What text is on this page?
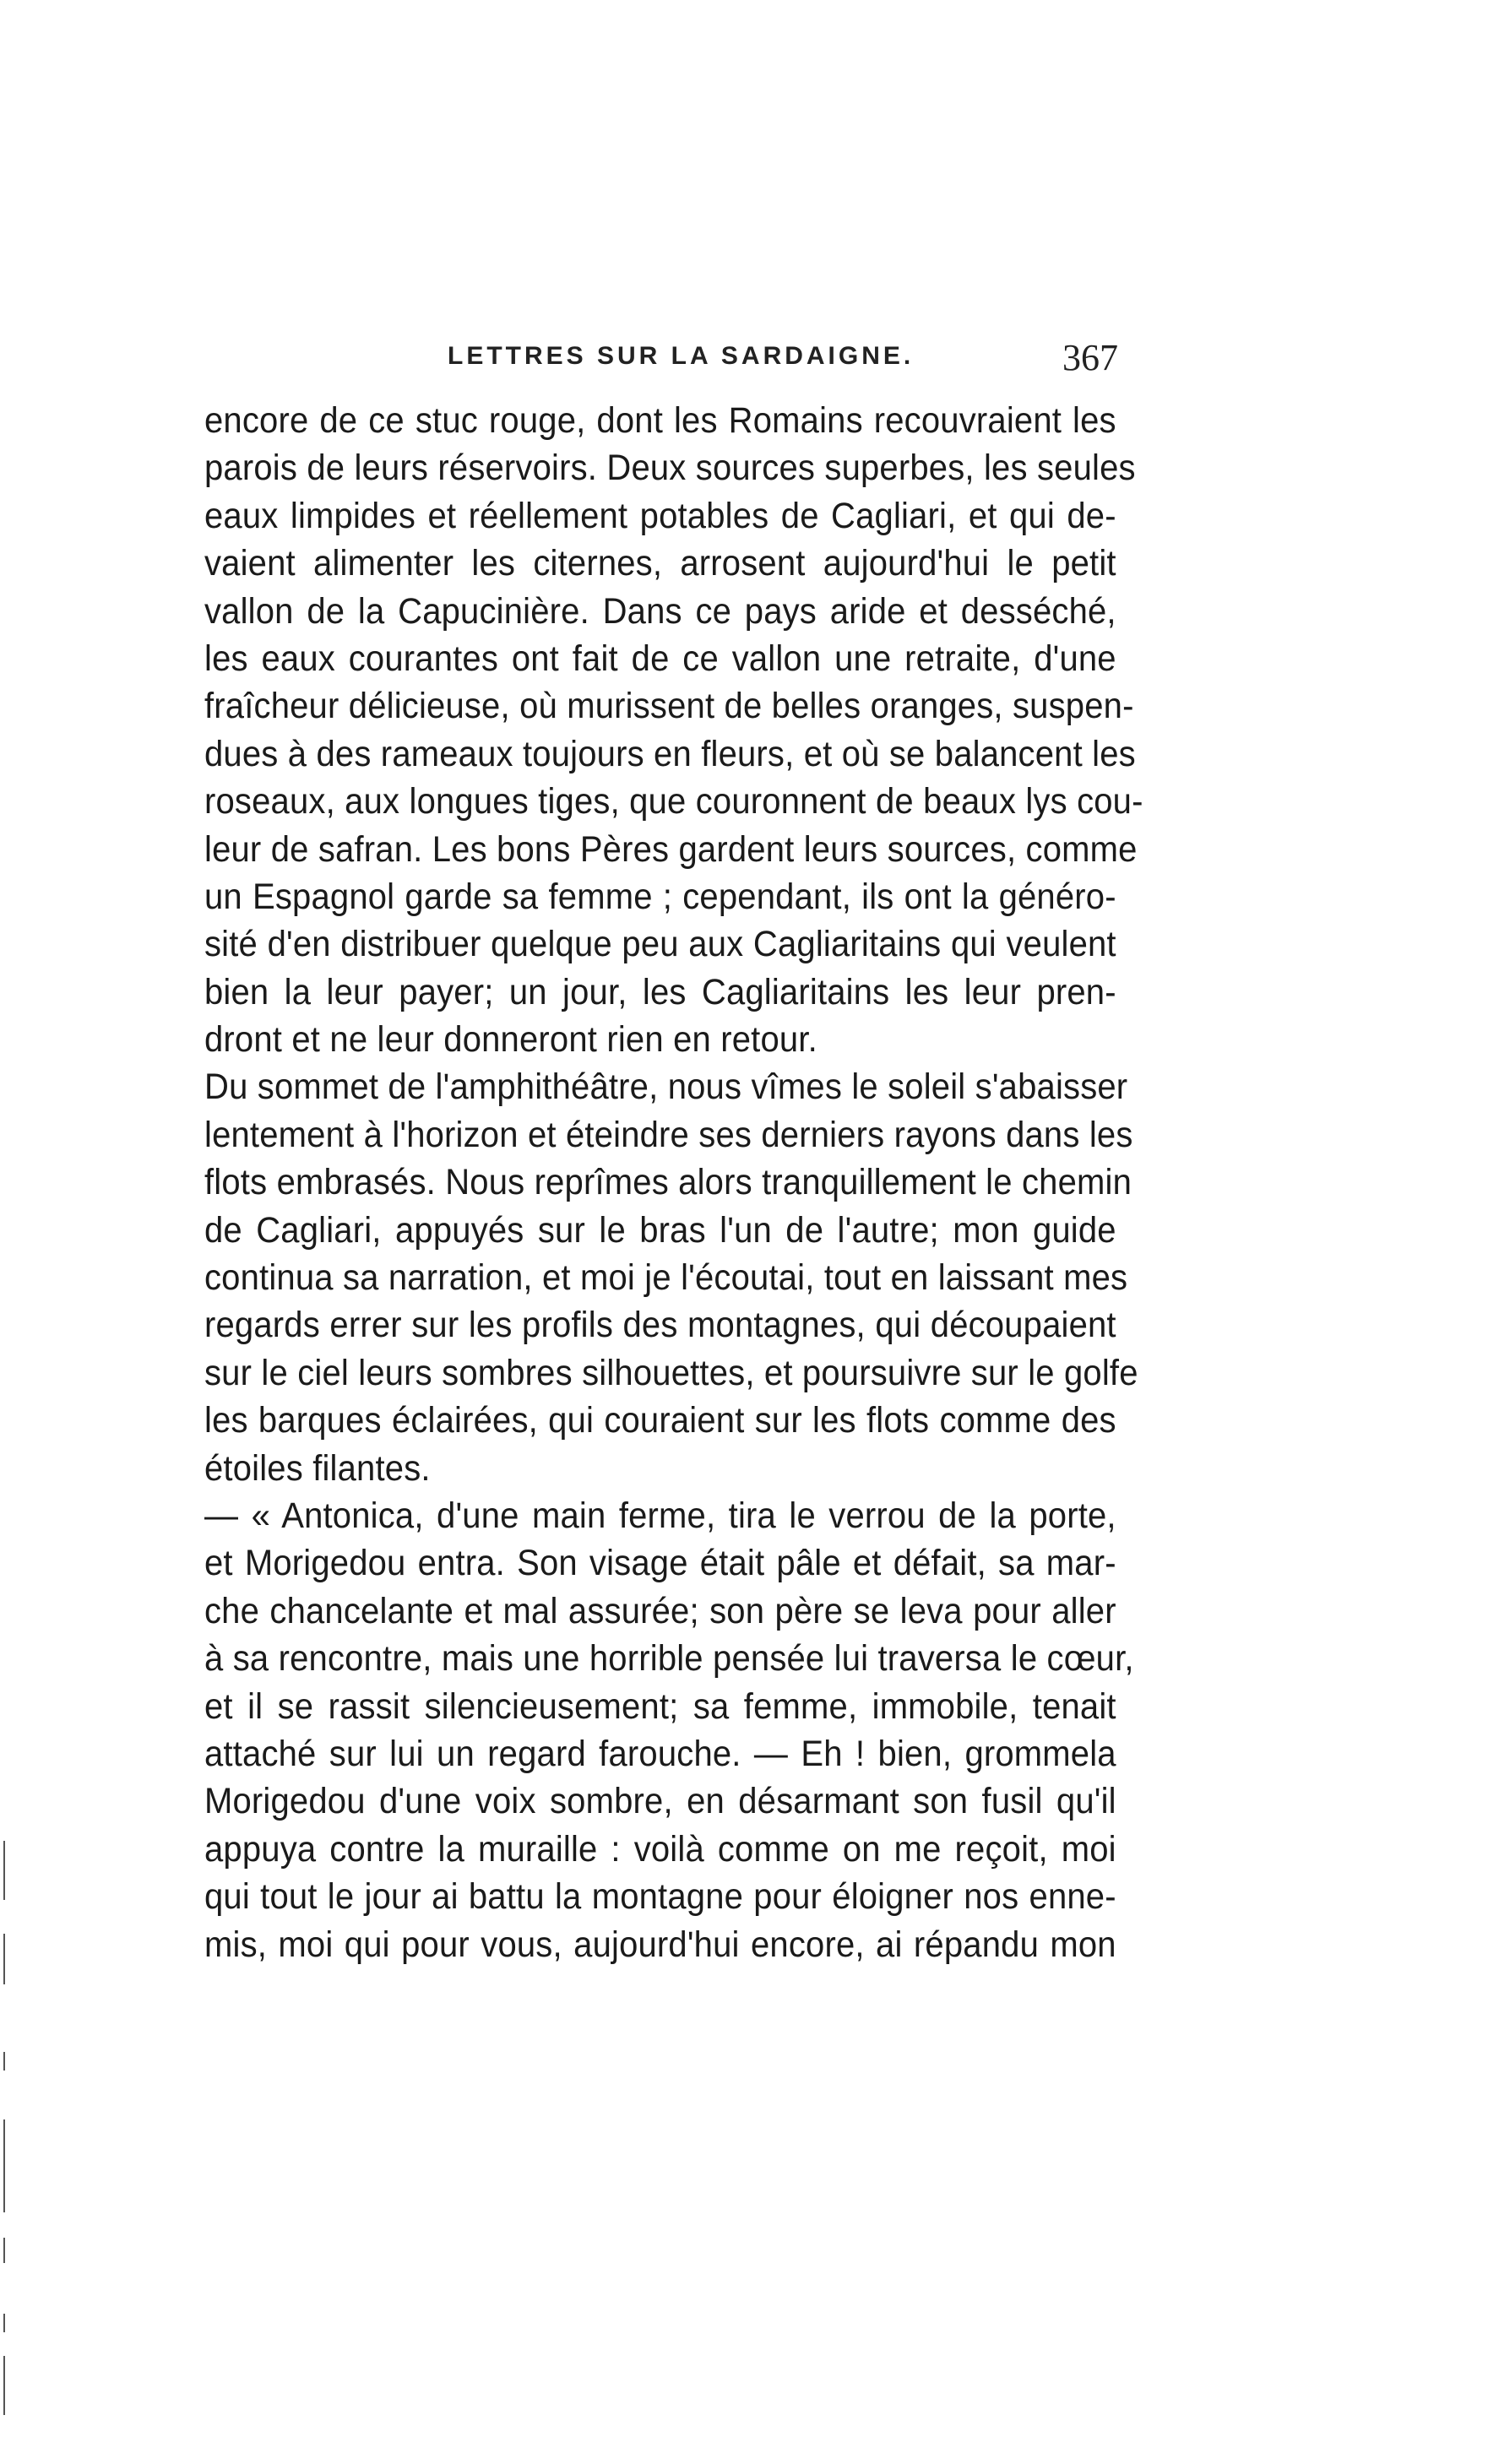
LETTRES SUR LA SARDAIGNE.	367
encore de ce stuc rouge, dont les Romains recouvraient les
parois de leurs réservoirs. Deux sources superbes, les seules
eaux limpides et réellement potables de Cagliari, et qui de-
vaient alimenter les citernes, arrosent aujourd'hui le petit
vallon de la Capucinière. Dans ce pays aride et desséché,
les eaux courantes ont fait de ce vallon une retraite, d'une
fraîcheur délicieuse, où murissent de belles oranges, suspen-
dues à des rameaux toujours en fleurs, et où se balancent les
roseaux, aux longues tiges, que couronnent de beaux lys cou-
leur de safran. Les bons Pères gardent leurs sources, comme
un Espagnol garde sa femme ; cependant, ils ont la généro-
sité d'en distribuer quelque peu aux Cagliaritains qui veulent
bien la leur payer; un jour, les Cagliaritains les leur pren-
dront et ne leur donneront rien en retour.
Du sommet de l'amphithéâtre, nous vîmes le soleil s'abaisser
lentement à l'horizon et éteindre ses derniers rayons dans les
flots embrasés. Nous reprîmes alors tranquillement le chemin
de Cagliari, appuyés sur le bras l'un de l'autre; mon guide
continua sa narration, et moi je l'écoutai, tout en laissant mes
regards errer sur les profils des montagnes, qui découpaient
sur le ciel leurs sombres silhouettes, et poursuivre sur le golfe
les barques éclairées, qui couraient sur les flots comme des
étoiles filantes.
— « Antonica, d'une main ferme, tira le verrou de la porte,
et Morigedou entra. Son visage était pâle et défait, sa mar-
che chancelante et mal assurée; son père se leva pour aller
à sa rencontre, mais une horrible pensée lui traversa le cœur,
et il se rassit silencieusement; sa femme, immobile, tenait
attaché sur lui un regard farouche. — Eh ! bien, grommela
Morigedou d'une voix sombre, en désarmant son fusil qu'il
appuya contre la muraille : voilà comme on me reçoit, moi
qui tout le jour ai battu la montagne pour éloigner nos enne-
mis, moi qui pour vous, aujourd'hui encore, ai répandu mon
